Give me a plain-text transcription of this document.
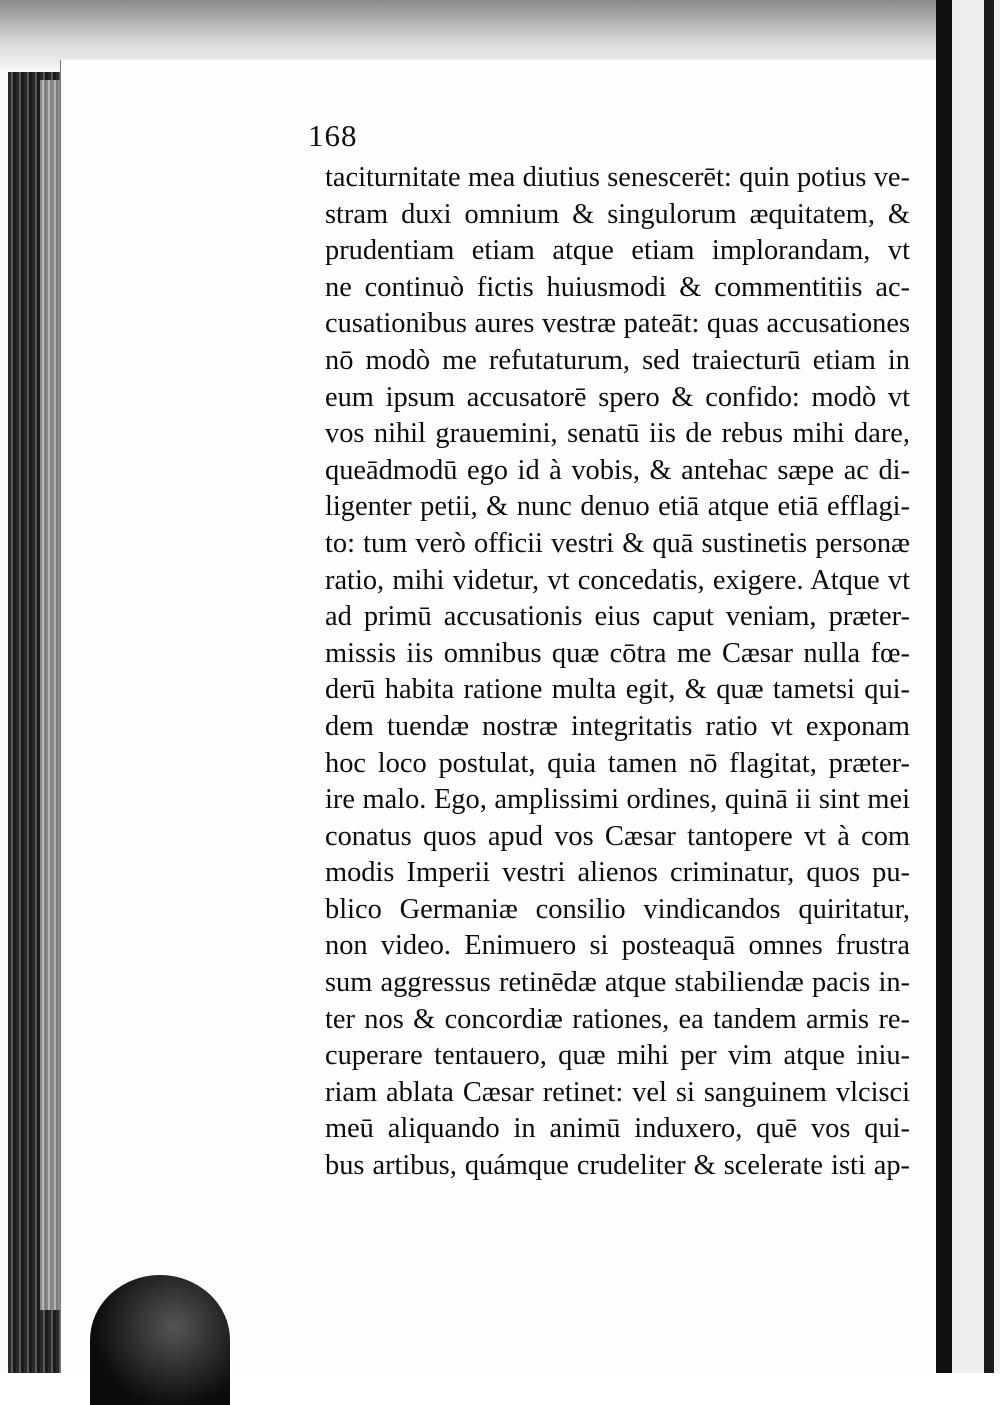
168
taciturnitate mea diutius senescerēt: quin potius ve-
stram duxi omnium & singulorum æquitatem, &
prudentiam etiam atque etiam implorandam, vt
ne continuò fictis huiusmodi & commentitiis ac-
cusationibus aures vestræ pateāt: quas accusationes
nō modò me refutaturum, sed traiecturū etiam in
eum ipsum accusatorē spero & confido: modò vt
vos nihil grauemini, senatū iis de rebus mihi dare,
queādmodū ego id à vobis, & antehac sæpe ac di-
ligenter petii, & nunc denuo etiā atque etiā efflagi-
to: tum verò officii vestri & quā sustinetis personæ
ratio, mihi videtur, vt concedatis, exigere. Atque vt
ad primū accusationis eius caput veniam, præter-
missis iis omnibus quæ cōtra me Cæsar nulla fœ-
derū habita ratione multa egit, & quæ tametsi qui-
dem tuendæ nostræ integritatis ratio vt exponam
hoc loco postulat, quia tamen nō flagitat, præter-
ire malo. Ego, amplissimi ordines, quinā ii sint mei
conatus quos apud vos Cæsar tantopere vt à com
modis Imperii vestri alienos criminatur, quos pu-
blico Germaniæ consilio vindicandos quiritatur,
non video. Enimuero si posteaquā omnes frustra
sum aggressus retinēdæ atque stabiliendæ pacis in-
ter nos & concordiæ rationes, ea tandem armis re-
cuperare tentauero, quæ mihi per vim atque iniu-
riam ablata Cæsar retinet: vel si sanguinem vlcisci
meū aliquando in animū induxero, quē vos qui-
bus artibus, quámque crudeliter & scelerate isti ap-
